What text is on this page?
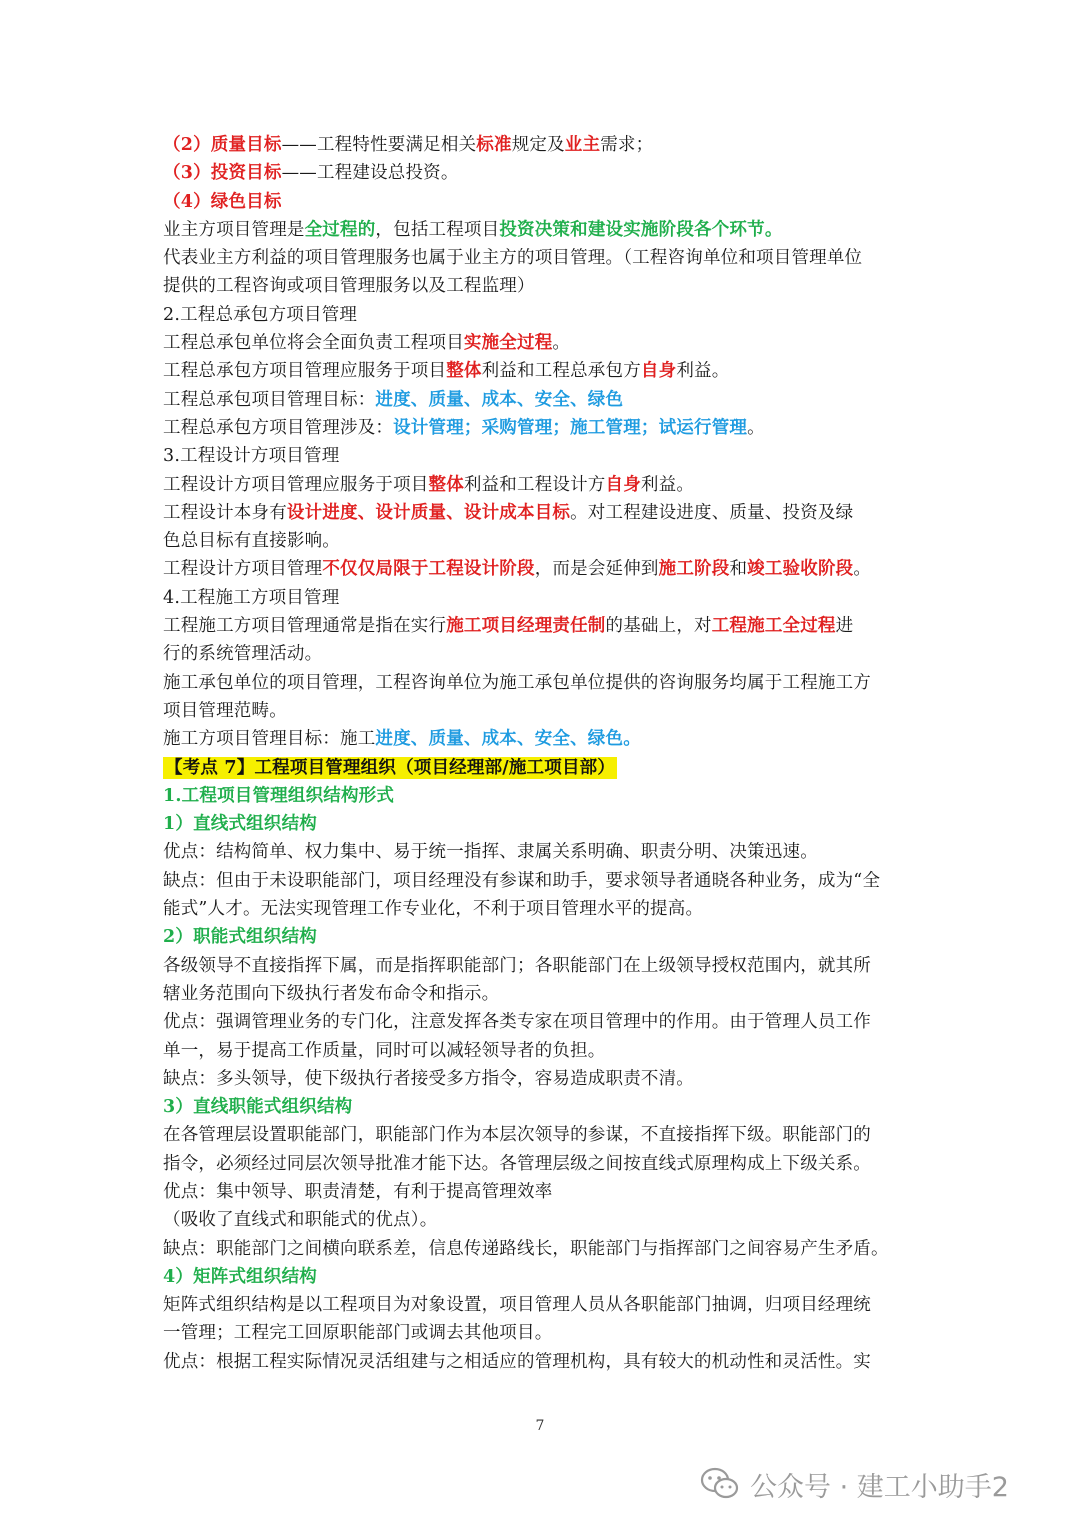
（2）质量目标——工程特性要满足相关标准规定及业主需求；
（3）投资目标——工程建设总投资。
（4）绿色目标
业主方项目管理是全过程的，包括工程项目投资决策和建设实施阶段各个环节。
代表业主方利益的项目管理服务也属于业主方的项目管理。（工程咨询单位和项目管理单位
提供的工程咨询或项目管理服务以及工程监理）
2.工程总承包方项目管理
工程总承包单位将会全面负责工程项目实施全过程。
工程总承包方项目管理应服务于项目整体利益和工程总承包方自身利益。
工程总承包项目管理目标：进度、质量、成本、安全、绿色
工程总承包方项目管理涉及：设计管理；采购管理；施工管理；试运行管理。
3.工程设计方项目管理
工程设计方项目管理应服务于项目整体利益和工程设计方自身利益。
工程设计本身有设计进度、设计质量、设计成本目标。对工程建设进度、质量、投资及绿
色总目标有直接影响。
工程设计方项目管理不仅仅局限于工程设计阶段，而是会延伸到施工阶段和竣工验收阶段。
4.工程施工方项目管理
工程施工方项目管理通常是指在实行施工项目经理责任制的基础上，对工程施工全过程进
行的系统管理活动。
施工承包单位的项目管理，工程咨询单位为施工承包单位提供的咨询服务均属于工程施工方
项目管理范畴。
施工方项目管理目标：施工进度、质量、成本、安全、绿色。
【考点 7】工程项目管理组织（项目经理部/施工项目部）
1.工程项目管理组织结构形式
1）直线式组织结构
优点：结构简单、权力集中、易于统一指挥、隶属关系明确、职责分明、决策迅速。
缺点：但由于未设职能部门，项目经理没有参谋和助手，要求领导者通晓各种业务，成为“全
能式”人才。无法实现管理工作专业化，不利于项目管理水平的提高。
2）职能式组织结构
各级领导不直接指挥下属，而是指挥职能部门；各职能部门在上级领导授权范围内，就其所
辖业务范围向下级执行者发布命令和指示。
优点：强调管理业务的专门化，注意发挥各类专家在项目管理中的作用。由于管理人员工作
单一，易于提高工作质量，同时可以减轻领导者的负担。
缺点：多头领导，使下级执行者接受多方指令，容易造成职责不清。
3）直线职能式组织结构
在各管理层设置职能部门，职能部门作为本层次领导的参谋，不直接指挥下级。职能部门的
指令，必须经过同层次领导批准才能下达。各管理层级之间按直线式原理构成上下级关系。
优点：集中领导、职责清楚，有利于提高管理效率
（吸收了直线式和职能式的优点）。
缺点：职能部门之间横向联系差，信息传递路线长，职能部门与指挥部门之间容易产生矛盾。
4）矩阵式组织结构
矩阵式组织结构是以工程项目为对象设置，项目管理人员从各职能部门抽调，归项目经理统
一管理；工程完工回原职能部门或调去其他项目。
优点：根据工程实际情况灵活组建与之相适应的管理机构，具有较大的机动性和灵活性。实
7
公众号 · 建工小助手2
